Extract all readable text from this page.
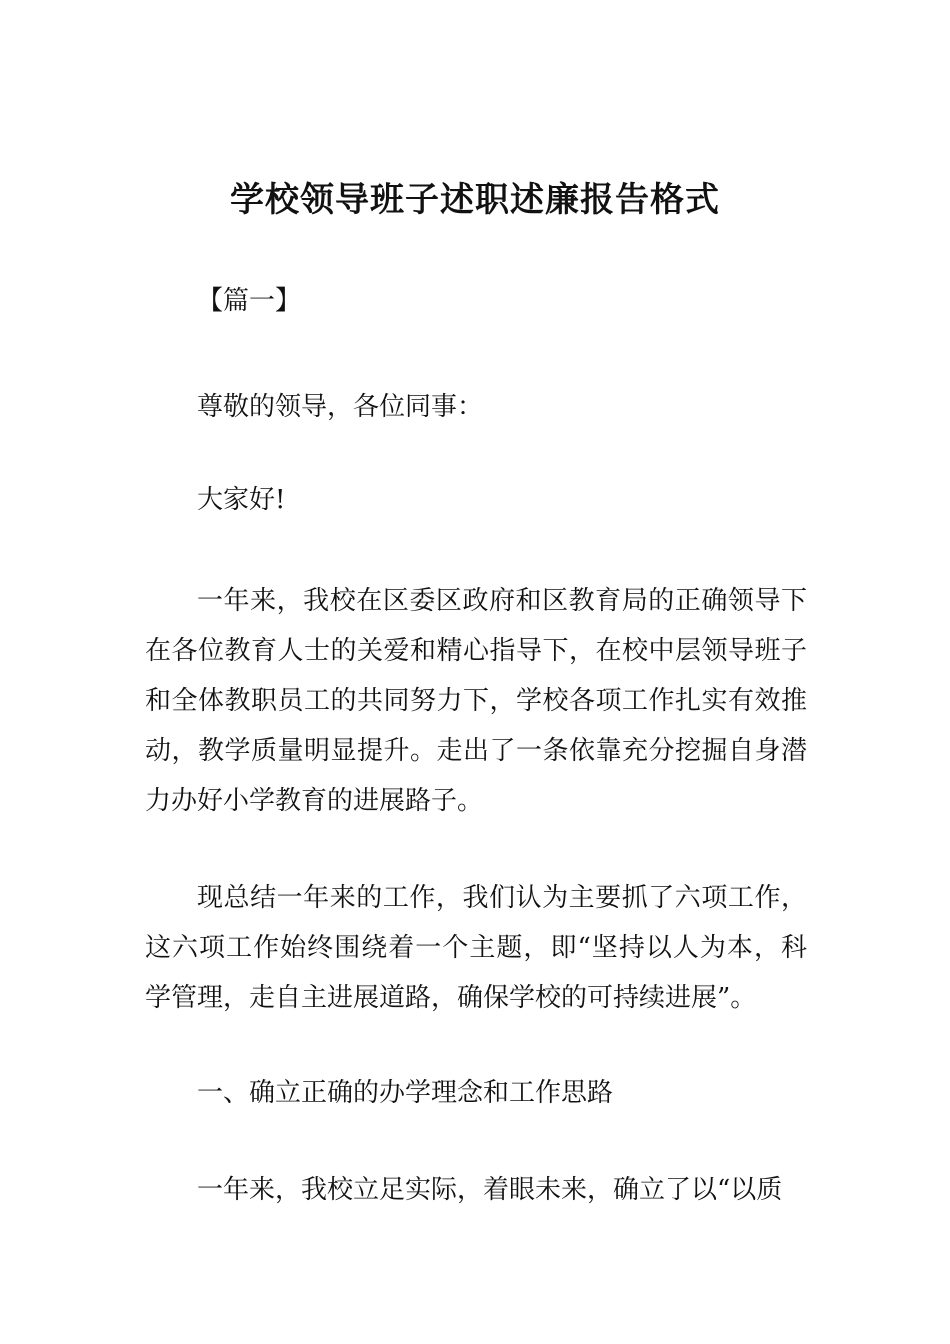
学校领导班子述职述廉报告格式

【篇一】

尊敬的领导，各位同事：

大家好!

一年来，我校在区委区政府和区教育局的正确领导下在各位教育人士的关爱和精心指导下，在校中层领导班子和全体教职员工的共同努力下，学校各项工作扎实有效推动，教学质量明显提升。走出了一条依靠充分挖掘自身潜力办好小学教育的进展路子。

现总结一年来的工作，我们认为主要抓了六项工作，这六项工作始终围绕着一个主题，即“坚持以人为本，科学管理，走自主进展道路，确保学校的可持续进展”。

一、确立正确的办学理念和工作思路

一年来，我校立足实际，着眼未来，确立了以“以质
